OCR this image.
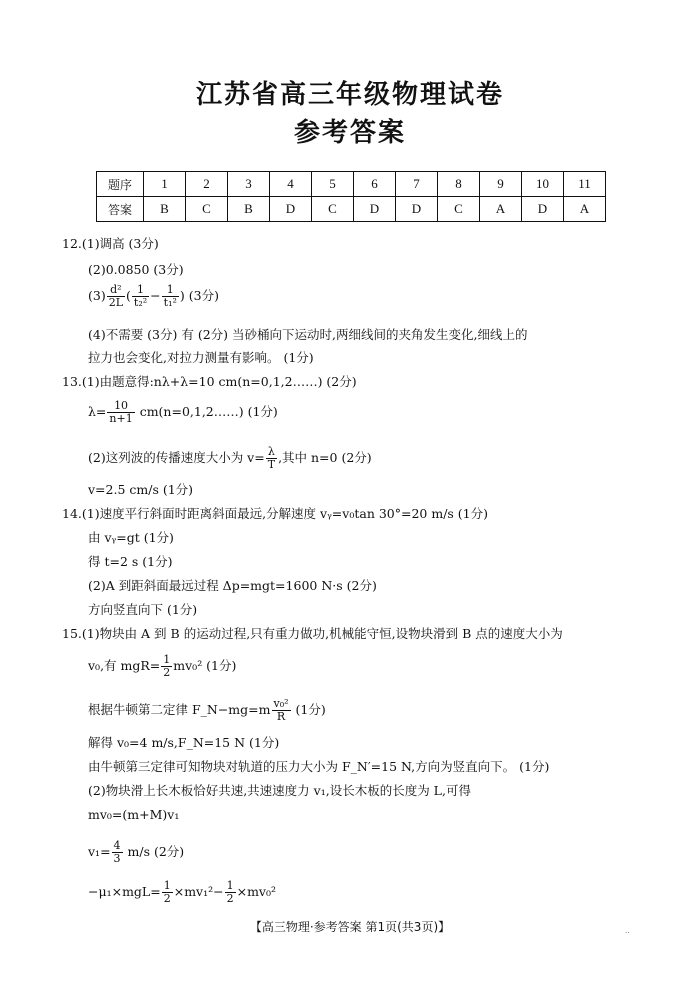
江苏省高三年级物理试卷
参考答案
题序	1	2	3	4	5	6	7	8	9	10	11
答案	B	C	B	D	C	D	D	C	A	D	A
12.(1)调高 (3分)
(2)0.0850 (3分)
$(3) \frac{\text{d²}}{2L}$ ( $\frac{1}{\text{t₂²}} - \frac{1}{\text{t₁²}}$ ) (3分)
(4)不需要 (3分) 有 (2分) 当砂桶向下运动时,两细线间的夹角发生变化,细线上的
拉力也会变化,对拉力测量有影响。 (1分)
13.(1)由题意得:nλ+λ=10 cm(n=0,1,2……) (2分)
$\lambda= \frac{10}{n+1}$ cm(n=0,1,2……) (1分)
(2)这列波的传播速度大小为 $v= \frac{\lambda}{T}$ ,其中 n=0 (2分)
v=2.5 cm/s (1分)
14.(1)速度平行斜面时距离斜面最远,分解速度 vᵧ=v₀tan 30°=20 m/s (1分)
由 vᵧ=gt (1分)
得 t=2 s (1分)
(2)A 到距斜面最远过程 Δp=mgt=1600 N·s (2分)
方向竖直向下 (1分)
15.(1)物块由 A 到 B 的运动过程,只有重力做功,机械能守恒,设物块滑到 B 点的速度大小为
v₀,有 $mgR= \frac{1}{2} mv_0^2$ (1分)
根据牛顿第二定律 F_N−mg=m $\frac{\text{v₀²}}{R} (1$分)
解得 v₀=4 m/s,F_N=15 N (1分)
由牛顿第三定律可知物块对轨道的压力大小为 F_N′=15 N,方向为竖直向下。 (1分)
(2)物块滑上长木板恰好共速,共速速度力 v₁,设长木板的长度为 L,可得
mv₀=(m+M)v₁
$v_1= \frac{4}{3} m/s$ (2分)
$-\mu_1\times mgL= \frac{1}{2} \times mv_1^2- \frac{1}{2} \times mv_0^2$
【高三物理·参考答案 第1页(共3页)】	..
